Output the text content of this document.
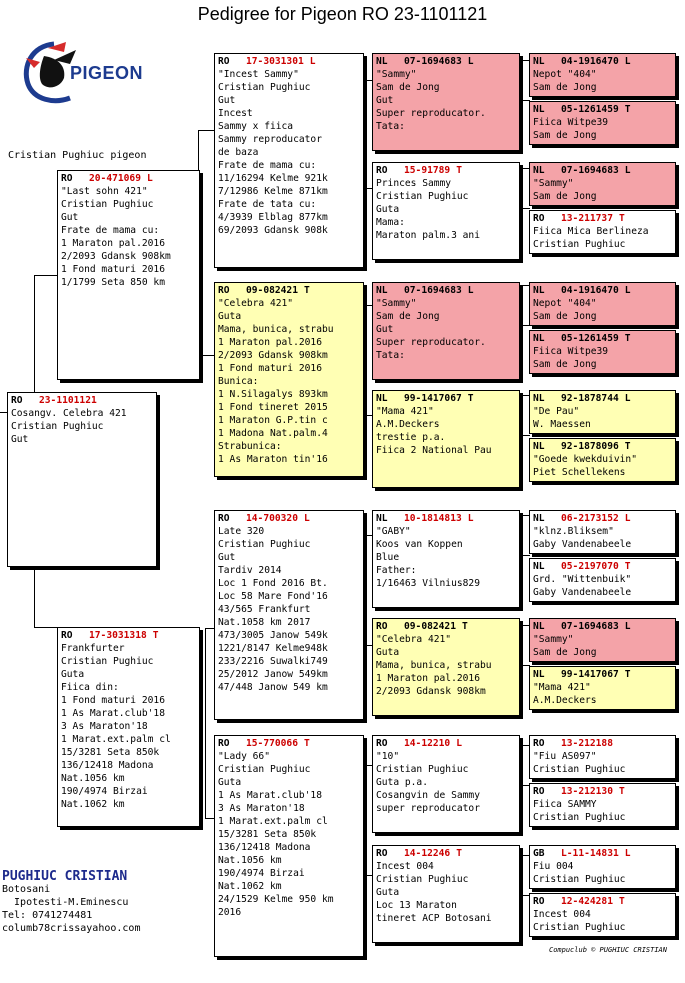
Pedigree for Pigeon RO 23-1101121
PIGEON
Cristian Pughiuc pigeon
RO	23-1101121
Cosangv. Celebra 421
Cristian Pughiuc
Gut
RO	20-471069 L
"Last sohn 421"
Cristian Pughiuc
Gut
Frate de mama cu:
1 Maraton pal.2016
2/2093 Gdansk 908km
1 Fond maturi 2016
1/1799 Seta 850 km
RO	17-3031318 T
Frankfurter
Cristian Pughiuc
Guta
Fiica din:
1 Fond maturi 2016
1 As Marat.club'18
3 As Maraton'18
1 Marat.ext.palm cl
15/3281 Seta 850k
136/12418 Madona
Nat.1056 km
190/4974 Birzai
Nat.1062 km
RO	17-3031301 L
"Incest Sammy"
Cristian Pughiuc
Gut
Incest
Sammy x fiica
Sammy reproducator
de baza
Frate de mama cu:
11/16294 Kelme 921k
7/12986 Kelme 871km
Frate de tata cu:
4/3939 Elblag 877km
69/2093 Gdansk 908k
RO	09-082421 T
"Celebra 421"
Guta
Mama, bunica, strabu
1 Maraton pal.2016
2/2093 Gdansk 908km
1 Fond maturi 2016
Bunica:
1 N.Silagalys 893km
1 Fond tineret 2015
1 Maraton G.P.tin c
1 Madona Nat.palm.4
Strabunica:
1 As Maraton tin'16
RO	14-700320 L
Late 320
Cristian Pughiuc
Gut
Tardiv 2014
Loc 1 Fond 2016 Bt.
Loc 58 Mare Fond'16
43/565 Frankfurt
Nat.1058 km 2017
473/3005 Janow 549k
1221/8147 Kelme948k
233/2216 Suwalki749
25/2012 Janow 549km
47/448 Janow 549 km
RO	15-770066 T
"Lady 66"
Cristian Pughiuc
Guta
1 As Marat.club'18
3 As Maraton'18
1 Marat.ext.palm cl
15/3281 Seta 850k
136/12418 Madona
Nat.1056 km
190/4974 Birzai
Nat.1062 km
24/1529 Kelme 950 km
2016
NL	07-1694683 L
"Sammy"
Sam de Jong
Gut
Super reproducator.
Tata:
RO	15-91789 T
Princes Sammy
Cristian Pughiuc
Guta
Mama:
Maraton palm.3 ani
NL	07-1694683 L
"Sammy"
Sam de Jong
Gut
Super reproducator.
Tata:
NL	99-1417067 T
"Mama 421"
A.M.Deckers
trestie p.a.
Fiica 2 National Pau
NL	10-1814813 L
"GABY"
Koos van Koppen
Blue
Father:
1/16463 Vilnius829
RO	09-082421 T
"Celebra 421"
Guta
Mama, bunica, strabu
1 Maraton pal.2016
2/2093 Gdansk 908km
RO	14-12210 L
"10"
Cristian Pughiuc
Guta p.a.
Cosangvin de Sammy
super reproducator
RO	14-12246 T
Incest 004
Cristian Pughiuc
Guta
Loc 13 Maraton
tineret ACP Botosani
NL	04-1916470 L
Nepot "404"
Sam de Jong
NL	05-1261459 T
Fiica Witpe39
Sam de Jong
NL	07-1694683 L
"Sammy"
Sam de Jong
RO	13-211737 T
Fiica Mica Berlineza
Cristian Pughiuc
NL	04-1916470 L
Nepot "404"
Sam de Jong
NL	05-1261459 T
Fiica Witpe39
Sam de Jong
NL	92-1878744 L
"De Pau"
W. Maessen
NL	92-1878096 T
"Goede kwekduivin"
Piet Schellekens
NL	06-2173152 L
"klnz.Bliksem"
Gaby Vandenabeele
NL	05-2197070 T
Grd. "Wittenbuik"
Gaby Vandenabeele
NL	07-1694683 L
"Sammy"
Sam de Jong
NL	99-1417067 T
"Mama 421"
A.M.Deckers
RO	13-212188
"Fiu AS097"
Cristian Pughiuc
RO	13-212130 T
Fiica SAMMY
Cristian Pughiuc
GB	L-11-14831 L
Fiu 004
Cristian Pughiuc
RO	12-424281 T
Incest 004
Cristian Pughiuc
PUGHIUC CRISTIAN
Botosani
Ipotesti-M.Eminescu
Tel: 0741274481
columb78crissayahoo.com
Compuclub © PUGHIUC CRISTIAN
